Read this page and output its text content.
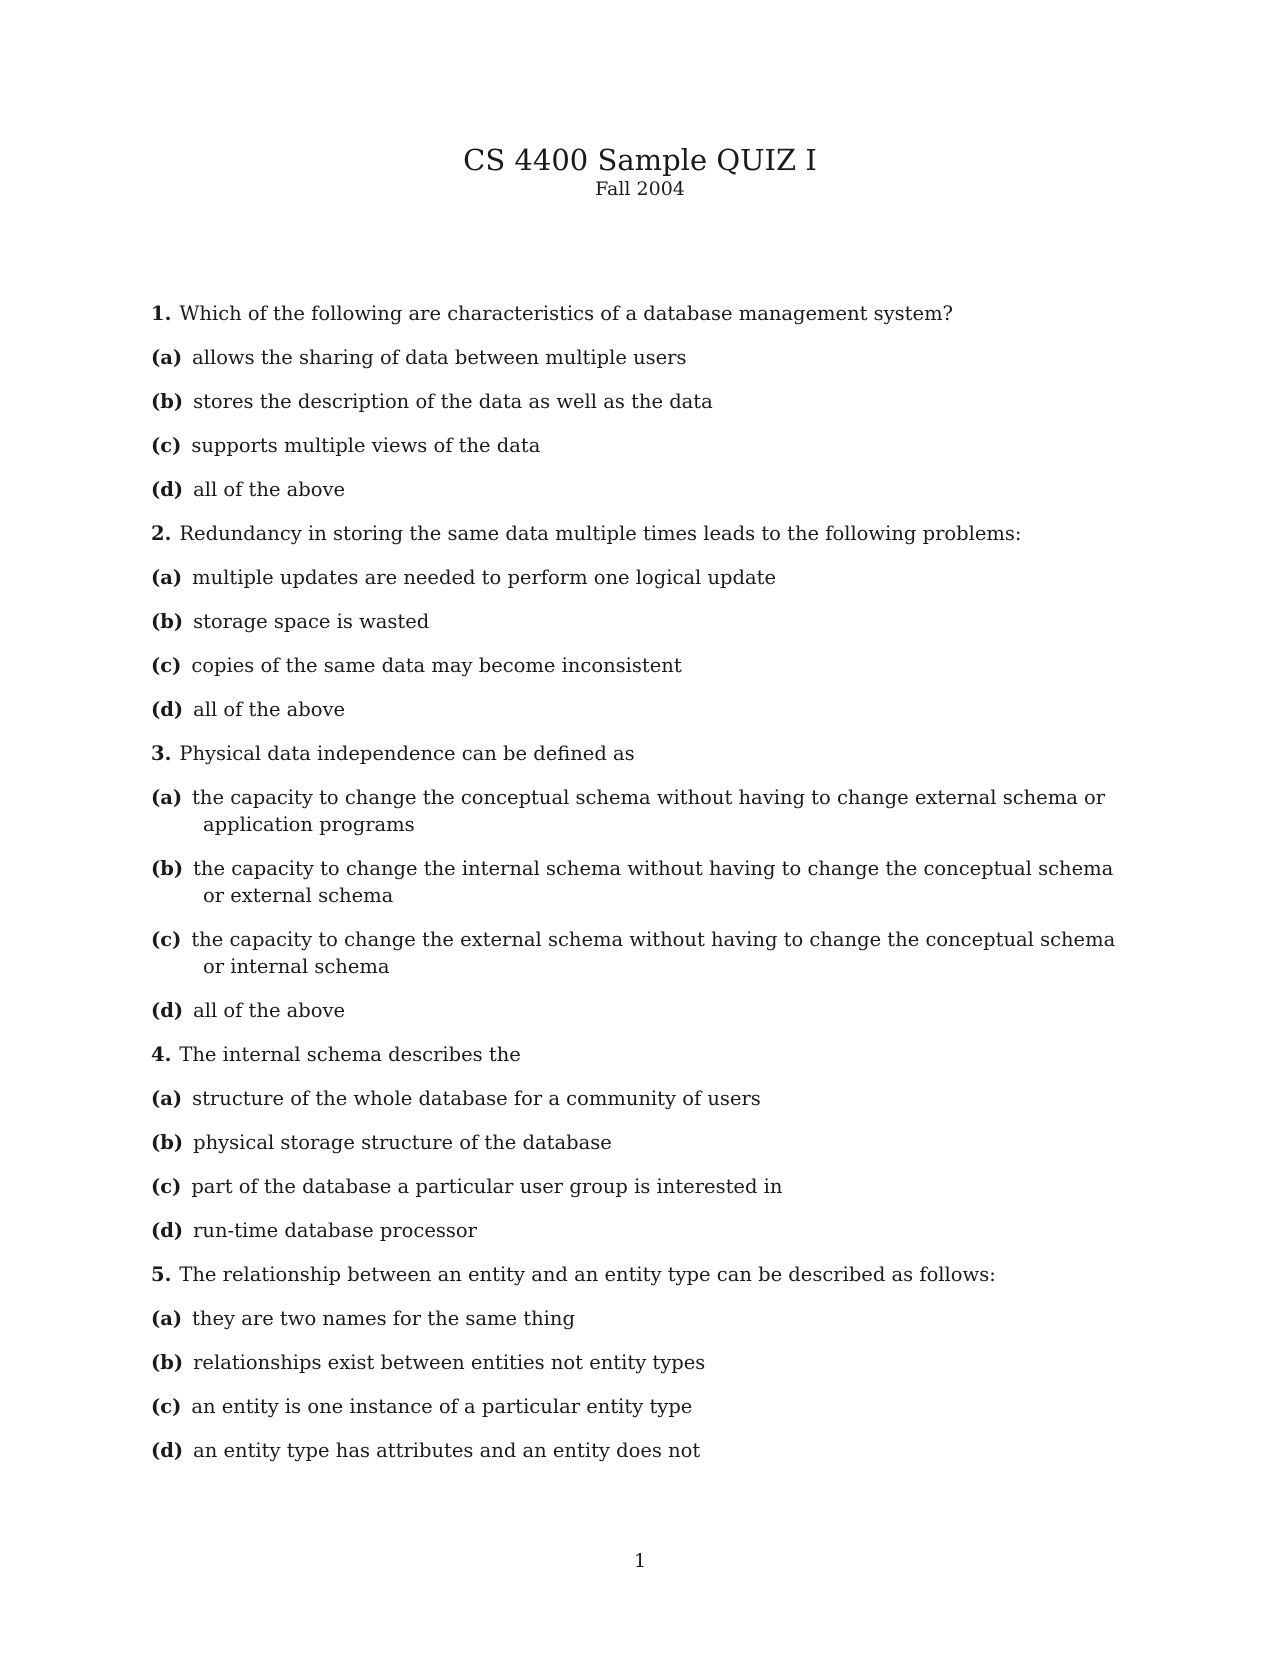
CS 4400 Sample QUIZ I
Fall 2004

1. Which of the following are characteristics of a database management system?

(a) allows the sharing of data between multiple users

(b) stores the description of the data as well as the data

(c) supports multiple views of the data

(d) all of the above

2. Redundancy in storing the same data multiple times leads to the following problems:

(a) multiple updates are needed to perform one logical update

(b) storage space is wasted

(c) copies of the same data may become inconsistent

(d) all of the above

3. Physical data independence can be defined as

(a) the capacity to change the conceptual schema without having to change external schema or application programs

(b) the capacity to change the internal schema without having to change the conceptual schema or external schema

(c) the capacity to change the external schema without having to change the conceptual schema or internal schema

(d) all of the above

4. The internal schema describes the

(a) structure of the whole database for a community of users

(b) physical storage structure of the database

(c) part of the database a particular user group is interested in

(d) run-time database processor

5. The relationship between an entity and an entity type can be described as follows:

(a) they are two names for the same thing

(b) relationships exist between entities not entity types

(c) an entity is one instance of a particular entity type

(d) an entity type has attributes and an entity does not

1
